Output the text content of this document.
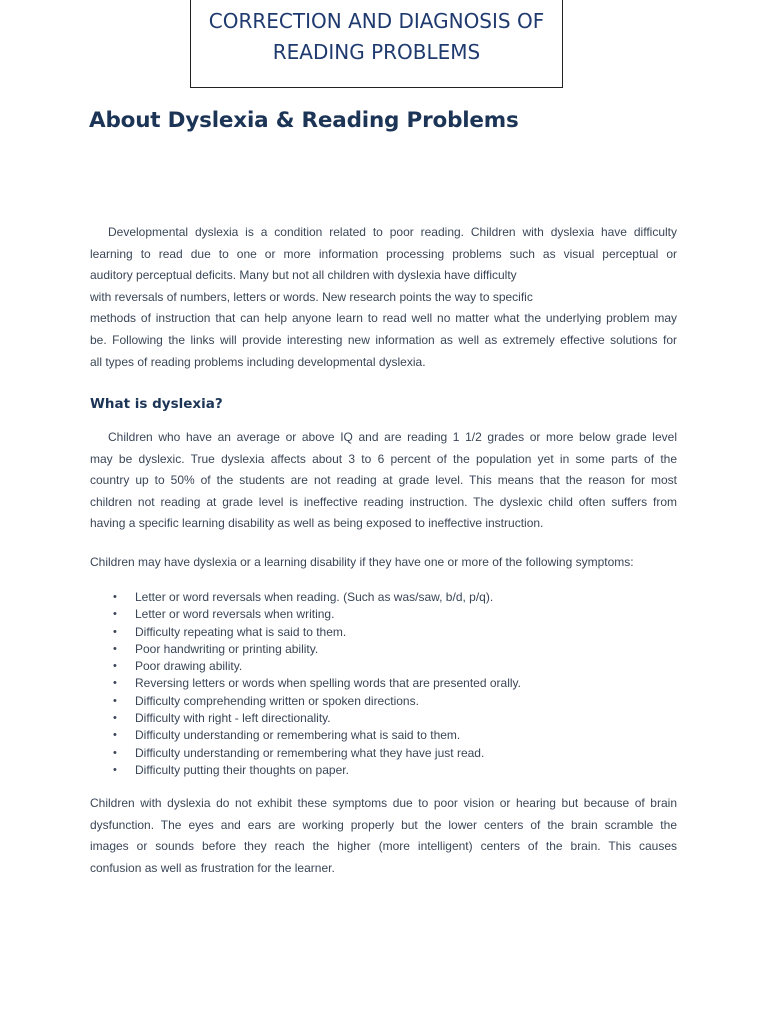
CORRECTION AND DIAGNOSIS OF
READING PROBLEMS
About Dyslexia & Reading Problems
Developmental dyslexia is a condition related to poor reading. Children with dyslexia have difficulty
learning to read due to one or more information processing problems such as visual perceptual or
auditory perceptual deficits. Many but not all children with dyslexia have difficulty
with reversals of numbers, letters or words. New research points the way to specific
methods of instruction that can help anyone learn to read well no matter what the underlying problem may
be. Following the links will provide interesting new information as well as extremely effective solutions for
all types of reading problems including developmental dyslexia.
What is dyslexia?
Children who have an average or above IQ and are reading 1 1/2 grades or more below grade level
may be dyslexic. True dyslexia affects about 3 to 6 percent of the population yet in some parts of the
country up to 50% of the students are not reading at grade level. This means that the reason for most
children not reading at grade level is ineffective reading instruction. The dyslexic child often suffers from
having a specific learning disability as well as being exposed to ineffective instruction.

Children may have dyslexia or a learning disability if they have one or more of the following symptoms:

• Letter or word reversals when reading. (Such as was/saw, b/d, p/q).
• Letter or word reversals when writing.
• Difficulty repeating what is said to them.
• Poor handwriting or printing ability.
• Poor drawing ability.
• Reversing letters or words when spelling words that are presented orally.
• Difficulty comprehending written or spoken directions.
• Difficulty with right - left directionality.
• Difficulty understanding or remembering what is said to them.
• Difficulty understanding or remembering what they have just read.
• Difficulty putting their thoughts on paper.
Children with dyslexia do not exhibit these symptoms due to poor vision or hearing but because of brain
dysfunction. The eyes and ears are working properly but the lower centers of the brain scramble the
images or sounds before they reach the higher (more intelligent) centers of the brain. This causes
confusion as well as frustration for the learner.
